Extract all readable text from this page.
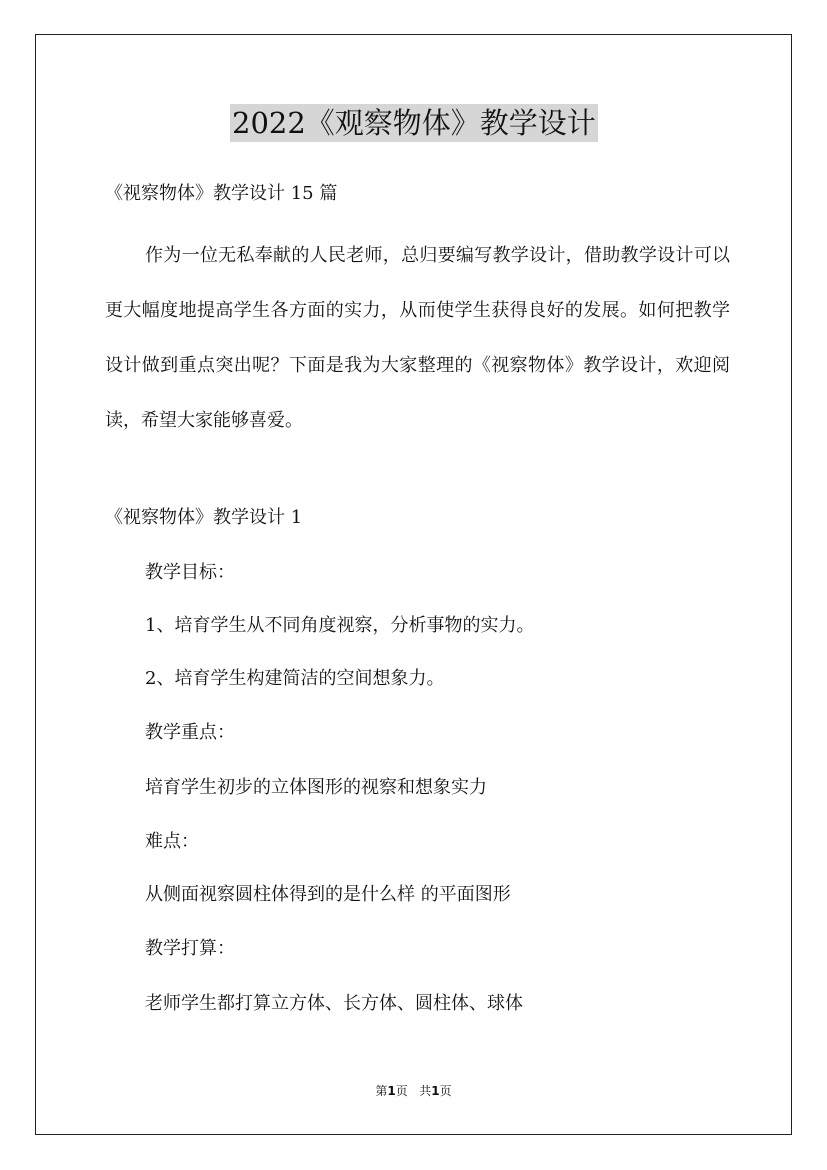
2022《观察物体》教学设计
《视察物体》教学设计 15 篇

作为一位无私奉献的人民老师，总归要编写教学设计，借助教学设计可以更大幅度地提高学生各方面的实力，从而使学生获得良好的发展。如何把教学设计做到重点突出呢？下面是我为大家整理的《视察物体》教学设计，欢迎阅读，希望大家能够喜爱。

《视察物体》教学设计 1
教学目标：
1、培育学生从不同角度视察，分析事物的实力。
2、培育学生构建简洁的空间想象力。
教学重点：
培育学生初步的立体图形的视察和想象实力
难点：
从侧面视察圆柱体得到的是什么样 的平面图形
教学打算：
老师学生都打算立方体、长方体、圆柱体、球体
第1页 共1页
